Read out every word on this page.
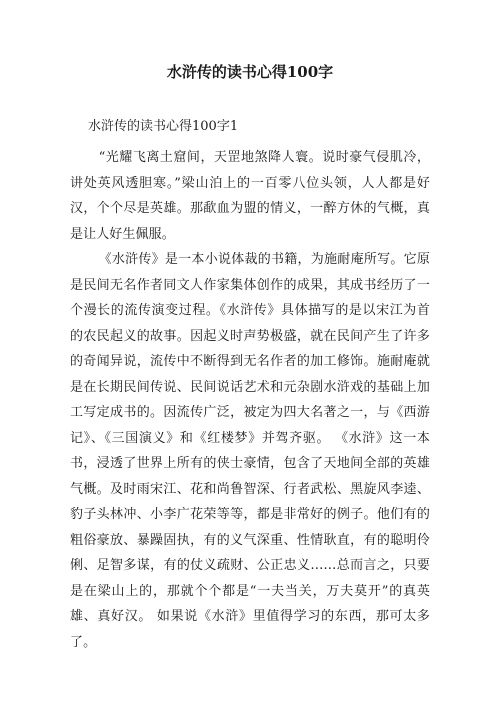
水浒传的读书心得100字
水浒传的读书心得100字1

“光耀飞离土窟间，天罡地煞降人寰。说时豪气侵肌冷，讲处英风透胆寒。”梁山泊上的一百零八位头领，人人都是好汉，个个尽是英雄。那歃血为盟的情义，一醉方休的气概，真是让人好生佩服。

《水浒传》是一本小说体裁的书籍，为施耐庵所写。它原是民间无名作者同文人作家集体创作的成果，其成书经历了一个漫长的流传演变过程。《水浒传》具体描写的是以宋江为首的农民起义的故事。因起义时声势极盛，就在民间产生了许多的奇闻异说，流传中不断得到无名作者的加工修饰。施耐庵就是在长期民间传说、民间说话艺术和元杂剧水浒戏的基础上加工写定成书的。因流传广泛，被定为四大名著之一，与《西游记》、《三国演义》和《红楼梦》并驾齐驱。 《水浒》这一本书，浸透了世界上所有的侠士豪情，包含了天地间全部的英雄气概。及时雨宋江、花和尚鲁智深、行者武松、黑旋风李逵、豹子头林冲、小李广花荣等等，都是非常好的例子。他们有的粗俗豪放、暴躁固执，有的义气深重、性情耿直，有的聪明伶俐、足智多谋，有的仗义疏财、公正忠义……总而言之，只要是在梁山上的，那就个个都是“一夫当关，万夫莫开”的真英雄、真好汉。 如果说《水浒》里值得学习的东西，那可太多了。
